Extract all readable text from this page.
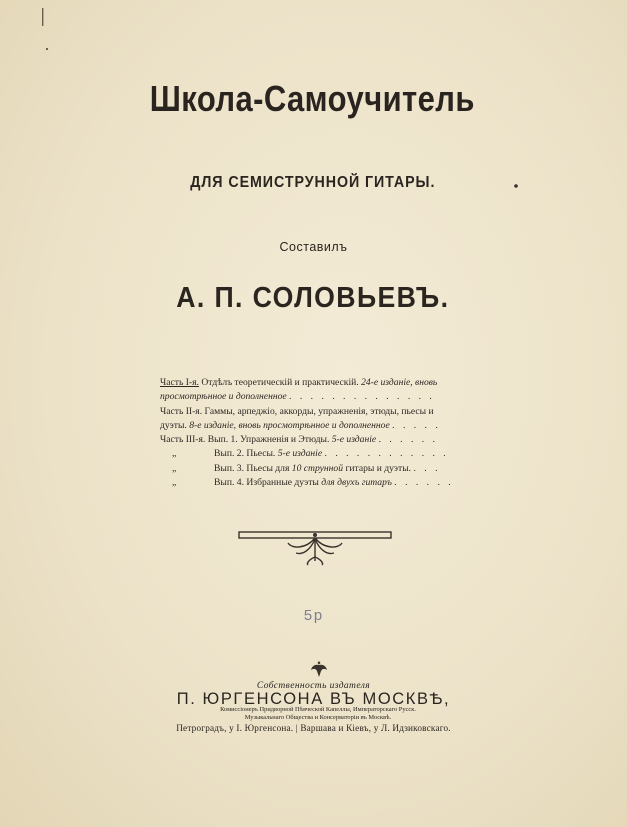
Школа-Самоучитель
ДЛЯ СЕМИСТРУННОЙ ГИТАРЫ.
Составилъ
А. П. СОЛОВЬЕВЪ.
Часть I-я. Отдѣлъ теоретическій и практическій. 24-е изданіе, вновь
просмотрѣнное и дополненное . . . . . . . . . . . . . .
Часть II-я. Гаммы, арпеджіо, аккорды, упражненія, этюды, пьесы и
дуэты. 8-е изданіе, вновь просмотрѣнное и дополненное . . . . .
Часть III-я. Вып. 1. Упражненія и Этюды. 5-е изданіе . . . . . .
„	Вып. 2. Пьесы. 5-е изданіе . . . . . . . . . . . .
„	Вып. 3. Пьесы для 10 струнной гитары и дуэты. . . .
„	Вып. 4. Избранные дуэты для двухъ гитаръ . . . . . .
5р
Собственность издателя
П. ЮРГЕНСОНА ВЪ МОСКВѢ,
Комиссіонеръ Придворной Пѣвческой Капеллы, Императорскаго Русск. Музыкальнаго Общества и Консерваторіи въ Москвѣ.
Петроградъ, у І. Юргенсона. | Варшава и Кіевъ, у Л. Идзиковскаго.
